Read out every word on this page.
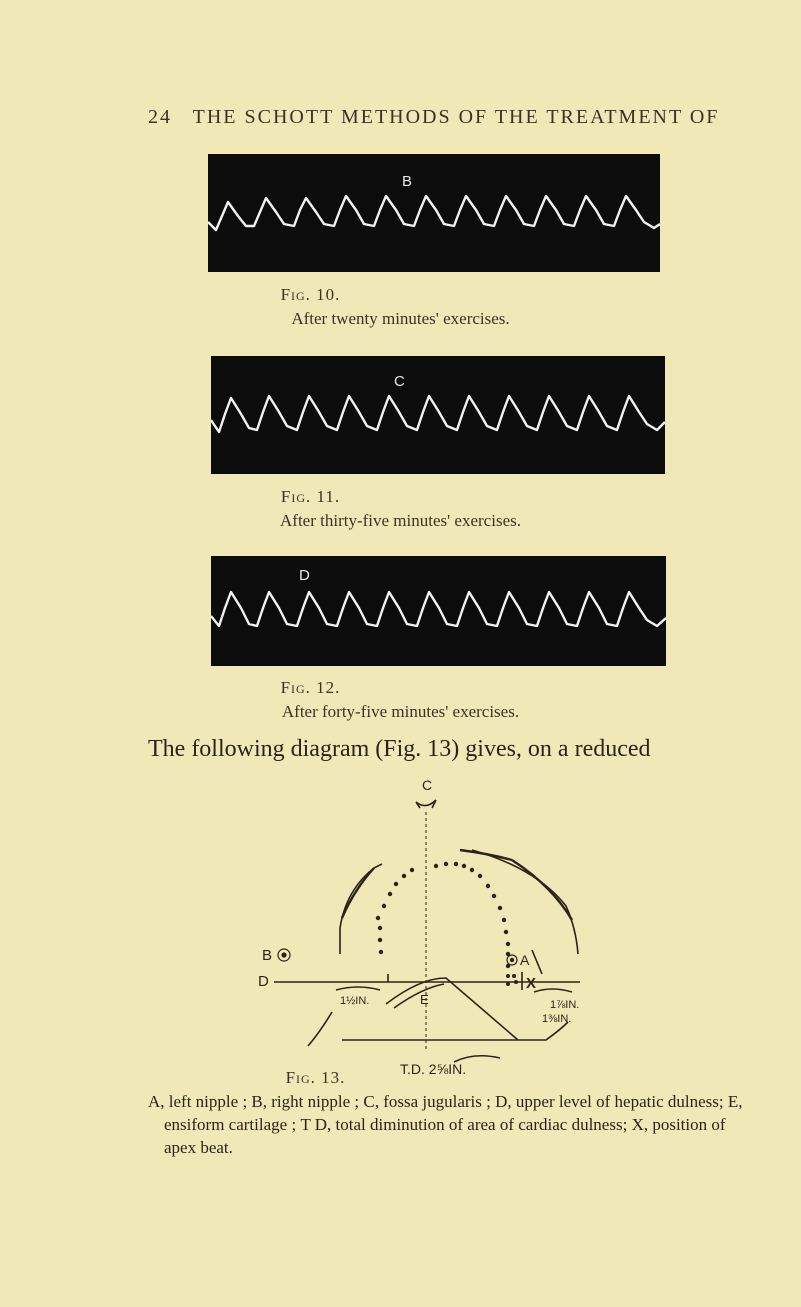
24 THE SCHOTT METHODS OF THE TREATMENT OF
B
Fig. 10.
After twenty minutes' exercises.
C
Fig. 11.
After thirty-five minutes' exercises.
D
Fig. 12.
After forty-five minutes' exercises.
The following diagram (Fig. 13) gives, on a reduced
C
B	A
D	X
1½IN.	E	1⅞IN.
1⅜IN.
T.D. 2⅝IN.
Fig. 13.
A, left nipple ; B, right nipple ; C, fossa jugularis ; D, upper level of hepatic dulness; E, ensiform cartilage ; T D, total diminution of area of cardiac dulness; X, position of apex beat.
